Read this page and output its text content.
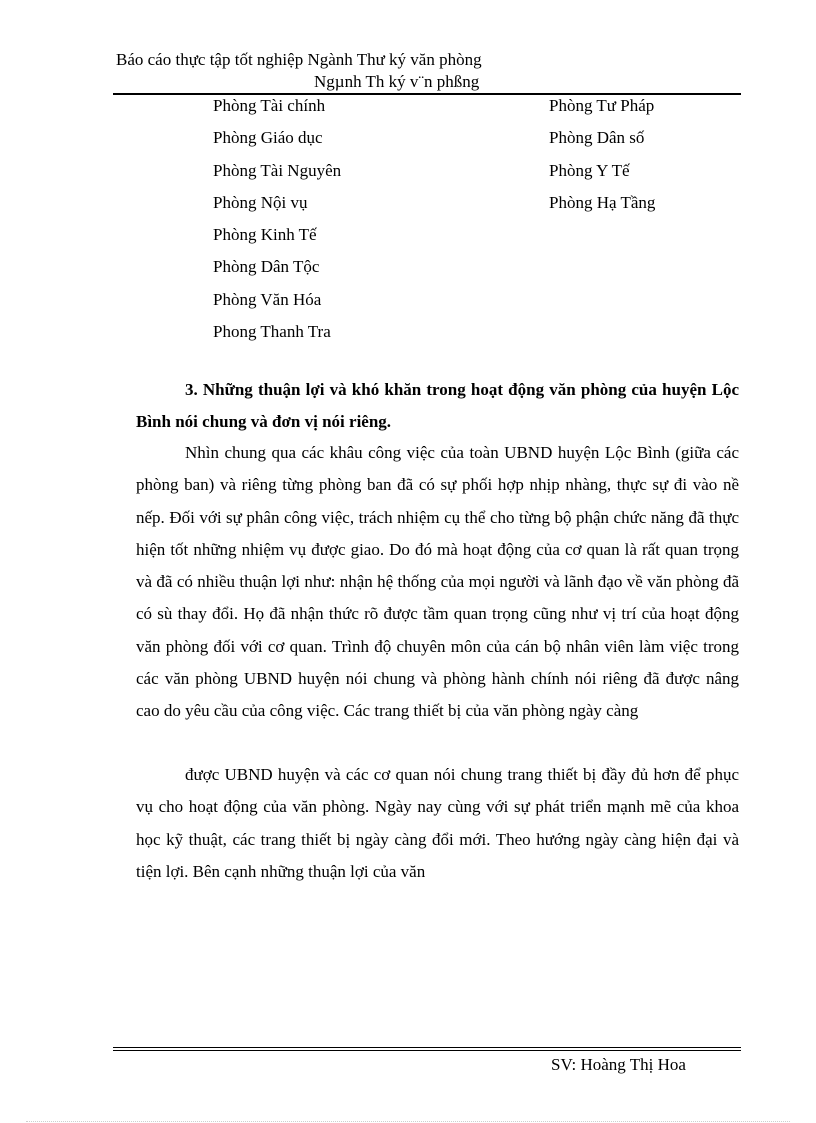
Báo cáo thực tập tốt nghiệp Ngành Thư ký văn phòng
Ngµnh Th ký v¨n phßng
Phòng Tài chính
Phòng Giáo dục
Phòng Tài Nguyên
Phòng Nội vụ
Phòng Kinh Tế
Phòng Dân Tộc
Phòng Văn Hóa
Phong Thanh Tra
Phòng Tư Pháp
Phòng Dân số
Phòng Y Tế
Phòng Hạ Tầng

3. Những thuận lợi và khó khăn trong hoạt động văn phòng của huyện Lộc Bình nói chung và đơn vị nói riêng.

Nhìn chung qua các khâu công việc của toàn UBND huyện Lộc Bình (giữa các phòng ban) và riêng từng phòng ban đã có sự phối hợp nhịp nhàng, thực sự đi vào nề nếp. Đối với sự phân công việc, trách nhiệm cụ thể cho từng bộ phận chức năng đã thực hiện tốt những nhiệm vụ được giao. Do đó mà hoạt động của cơ quan là rất quan trọng và đã có nhiều thuận lợi như: nhận hệ thống của mọi người và lãnh đạo về văn phòng đã có sù thay đổi. Họ đã nhận thức rõ được tầm quan trọng cũng như vị trí của hoạt động văn phòng đối với cơ quan. Trình độ chuyên môn của cán bộ nhân viên làm việc trong các văn phòng UBND huyện nói chung và phòng hành chính nói riêng đã được nâng cao do yêu cầu của công việc. Các trang thiết bị của văn phòng ngày càng

được UBND huyện và các cơ quan nói chung trang thiết bị đầy đủ hơn để phục vụ cho hoạt động của văn phòng. Ngày nay cùng với sự phát triển mạnh mẽ của khoa học kỹ thuật, các trang thiết bị ngày càng đổi mới. Theo hướng ngày càng hiện đại và tiện lợi. Bên cạnh những thuận lợi của văn

SV: Hoàng Thị Hoa
